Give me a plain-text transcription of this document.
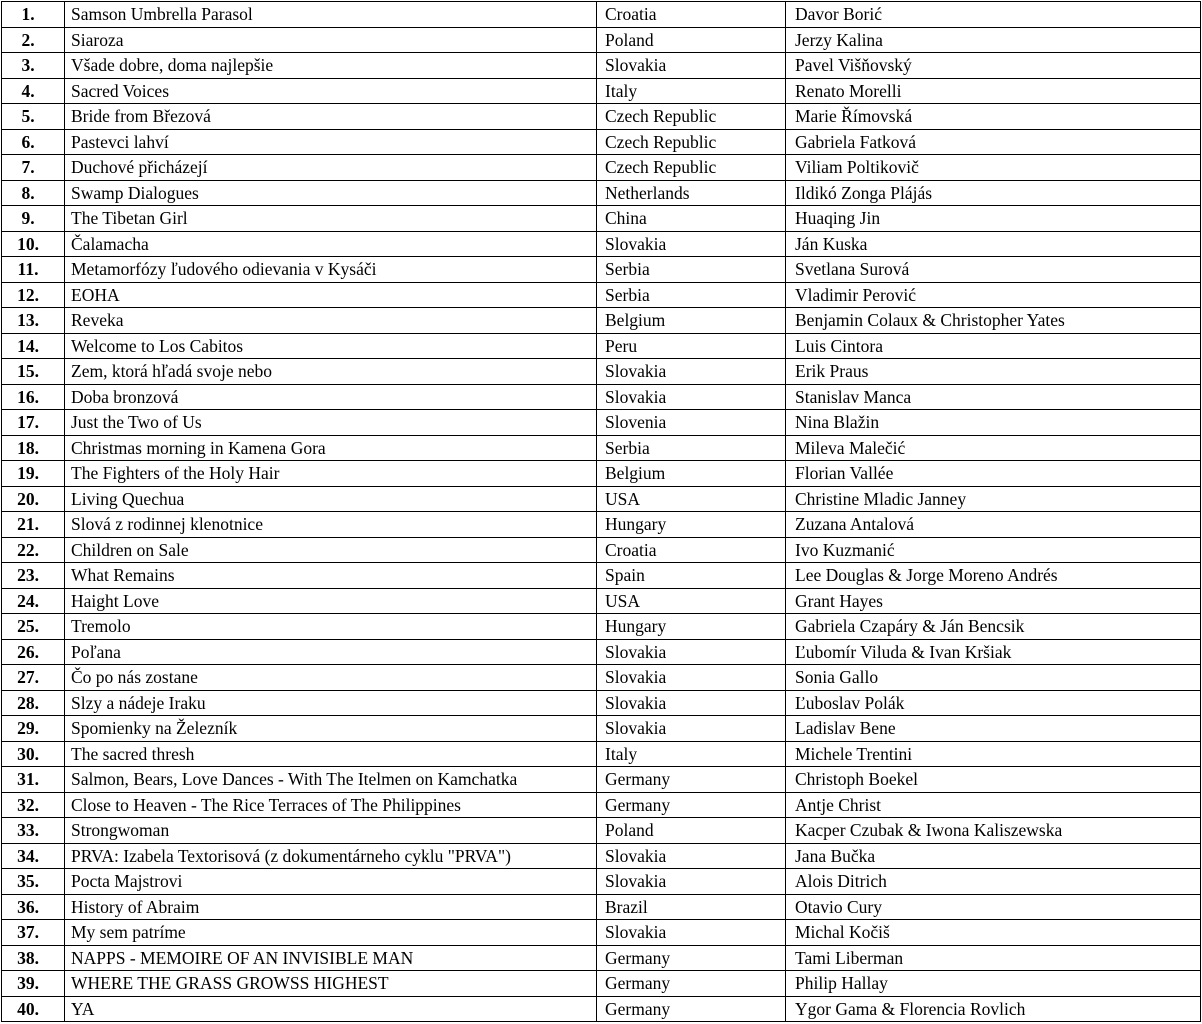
1.	Samson Umbrella Parasol	Croatia	Davor Borić
2.	Siaroza	Poland	Jerzy Kalina
3.	Všade dobre, doma najlepšie	Slovakia	Pavel Višňovský
4.	Sacred Voices	Italy	Renato Morelli
5.	Bride from Březová	Czech Republic	Marie Římovská
6.	Pastevci lahví	Czech Republic	Gabriela Fatková
7.	Duchové přicházejí	Czech Republic	Viliam Poltikovič
8.	Swamp Dialogues	Netherlands	Ildikó Zonga Plájás
9.	The Tibetan Girl	China	Huaqing Jin
10.	Čalamacha	Slovakia	Ján Kuska
11.	Metamorfózy ľudového odievania v Kysáči	Serbia	Svetlana Surová
12.	EOHA	Serbia	Vladimir Perović
13.	Reveka	Belgium	Benjamin Colaux & Christopher Yates
14.	Welcome to Los Cabitos	Peru	Luis Cintora
15.	Zem, ktorá hľadá svoje nebo	Slovakia	Erik Praus
16.	Doba bronzová	Slovakia	Stanislav Manca
17.	Just the Two of Us	Slovenia	Nina Blažin
18.	Christmas morning in Kamena Gora	Serbia	Mileva Malečić
19.	The Fighters of the Holy Hair	Belgium	Florian Vallée
20.	Living Quechua	USA	Christine Mladic Janney
21.	Slová z rodinnej klenotnice	Hungary	Zuzana Antalová
22.	Children on Sale	Croatia	Ivo Kuzmanić
23.	What Remains	Spain	Lee Douglas & Jorge Moreno Andrés
24.	Haight Love	USA	Grant Hayes
25.	Tremolo	Hungary	Gabriela Czapáry & Ján Bencsik
26.	Poľana	Slovakia	Ľubomír Viluda & Ivan Kršiak
27.	Čo po nás zostane	Slovakia	Sonia Gallo
28.	Slzy a nádeje Iraku	Slovakia	Ľuboslav Polák
29.	Spomienky na Železník	Slovakia	Ladislav Bene
30.	The sacred thresh	Italy	Michele Trentini
31.	Salmon, Bears, Love Dances - With The Itelmen on Kamchatka	Germany	Christoph Boekel
32.	Close to Heaven - The Rice Terraces of The Philippines	Germany	Antje Christ
33.	Strongwoman	Poland	Kacper Czubak & Iwona Kaliszewska
34.	PRVA: Izabela Textorisová (z dokumentárneho cyklu "PRVA")	Slovakia	Jana Bučka
35.	Pocta Majstrovi	Slovakia	Alois Ditrich
36.	History of Abraim	Brazil	Otavio Cury
37.	My sem patríme	Slovakia	Michal Kočiš
38.	NAPPS - MEMOIRE OF AN INVISIBLE MAN	Germany	Tami Liberman
39.	WHERE THE GRASS GROWSS HIGHEST	Germany	Philip Hallay
40.	YA	Germany	Ygor Gama & Florencia Rovlich
